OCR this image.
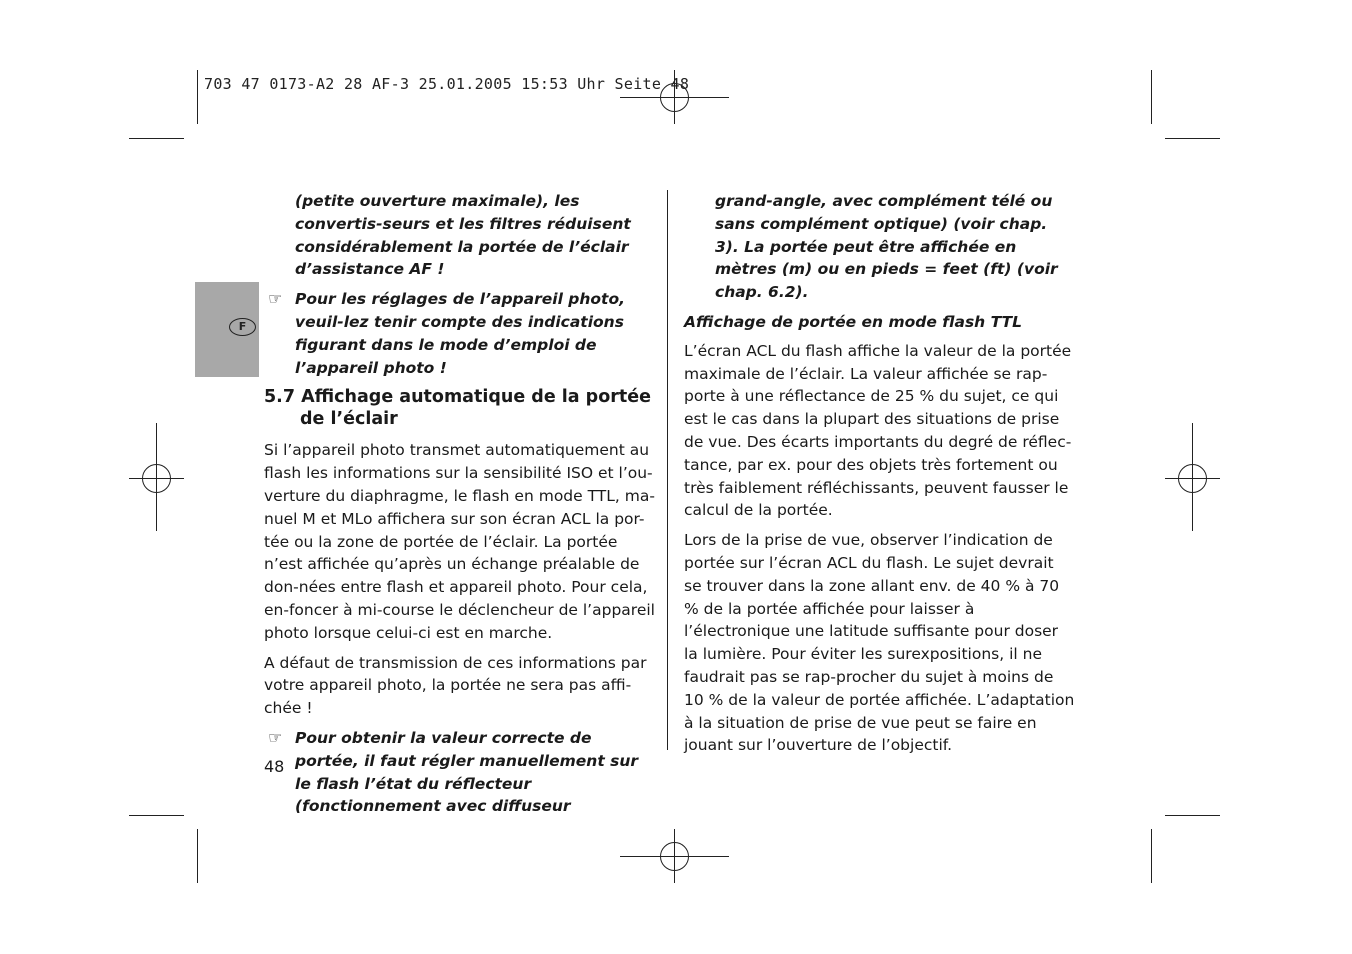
703 47 0173-A2 28 AF-3 25.01.2005 15:53 Uhr Seite 48
F

(petite ouverture maximale), les convertis-seurs et les filtres réduisent considérablement la portée de l’éclair d’assistance AF !

☞ Pour les réglages de l’appareil photo, veuil-lez tenir compte des indications figurant dans le mode d’emploi de l’appareil photo !

5.7 Affichage automatique de la portée
de l’éclair

Si l’appareil photo transmet automatiquement au flash les informations sur la sensibilité ISO et l’ou-verture du diaphragme, le flash en mode TTL, ma-nuel M et MLo affichera sur son écran ACL la por-tée ou la zone de portée de l’éclair. La portée n’est affichée qu’après un échange préalable de don-nées entre flash et appareil photo. Pour cela, en-foncer à mi-course le déclencheur de l’appareil photo lorsque celui-ci est en marche.

A défaut de transmission de ces informations par votre appareil photo, la portée ne sera pas affi-chée !

☞ Pour obtenir la valeur correcte de portée, il faut régler manuellement sur le flash l’état du réflecteur (fonctionnement avec diffuseur

grand-angle, avec complément télé ou sans complément optique) (voir chap. 3). La portée peut être affichée en mètres (m) ou en pieds = feet (ft) (voir chap. 6.2).

Affichage de portée en mode flash TTL

L’écran ACL du flash affiche la valeur de la portée maximale de l’éclair. La valeur affichée se rap-porte à une réflectance de 25 % du sujet, ce qui est le cas dans la plupart des situations de prise de vue. Des écarts importants du degré de réflec-tance, par ex. pour des objets très fortement ou très faiblement réfléchissants, peuvent fausser le calcul de la portée.

Lors de la prise de vue, observer l’indication de portée sur l’écran ACL du flash. Le sujet devrait se trouver dans la zone allant env. de 40 % à 70 % de la portée affichée pour laisser à l’électronique une latitude suffisante pour doser la lumière. Pour éviter les surexpositions, il ne faudrait pas se rap-procher du sujet à moins de 10 % de la valeur de portée affichée. L’adaptation à la situation de prise de vue peut se faire en jouant sur l’ouverture de l’objectif.

48
